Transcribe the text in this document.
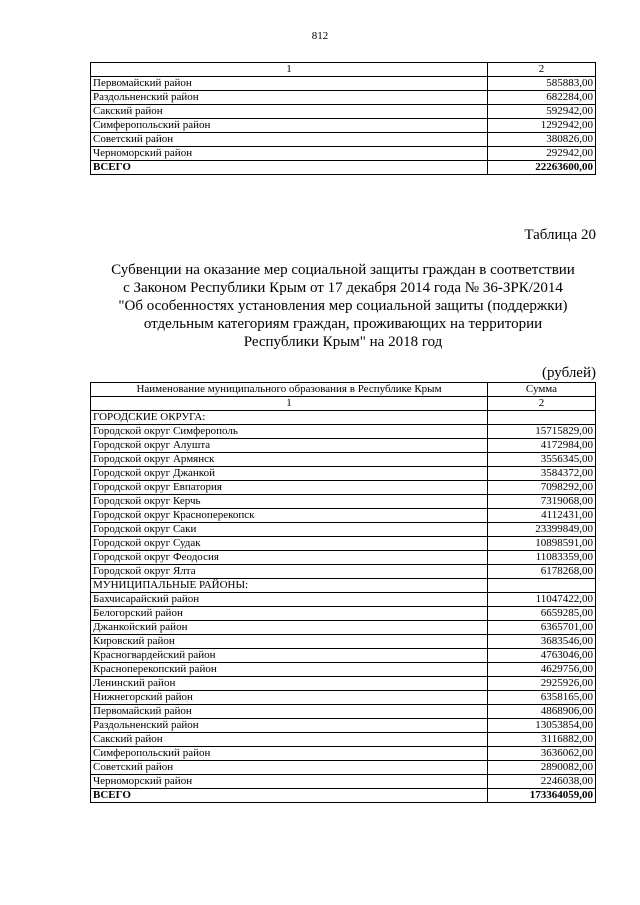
812
1	2
Первомайский район	585883,00
Раздольненский район	682284,00
Сакский район	592942,00
Симферопольский район	1292942,00
Советский район	380826,00
Черноморский район	292942,00
ВСЕГО	22263600,00
Таблица 20
Субвенции на оказание мер социальной защиты граждан в соответствии
с Законом Республики Крым от 17 декабря 2014 года № 36-ЗРК/2014
"Об особенностях установления мер социальной защиты (поддержки)
отдельным категориям граждан, проживающих на территории
Республики Крым" на 2018 год
(рублей)
Наименование муниципального образования в Республике Крым	Сумма
1	2
ГОРОДСКИЕ ОКРУГА:	
Городской округ Симферополь	15715829,00
Городской округ Алушта	4172984,00
Городской округ Армянск	3556345,00
Городской округ Джанкой	3584372,00
Городской округ Евпатория	7098292,00
Городской округ Керчь	7319068,00
Городской округ Красноперекопск	4112431,00
Городской округ Саки	23399849,00
Городской округ Судак	10898591,00
Городской округ Феодосия	11083359,00
Городской округ Ялта	6178268,00
МУНИЦИПАЛЬНЫЕ РАЙОНЫ:	
Бахчисарайский район	11047422,00
Белогорский район	6659285,00
Джанкойский район	6365701,00
Кировский район	3683546,00
Красногвардейский район	4763046,00
Красноперекопский район	4629756,00
Ленинский район	2925926,00
Нижнегорский район	6358165,00
Первомайский район	4868906,00
Раздольненский район	13053854,00
Сакский район	3116882,00
Симферопольский район	3636062,00
Советский район	2890082,00
Черноморский район	2246038,00
ВСЕГО	173364059,00
